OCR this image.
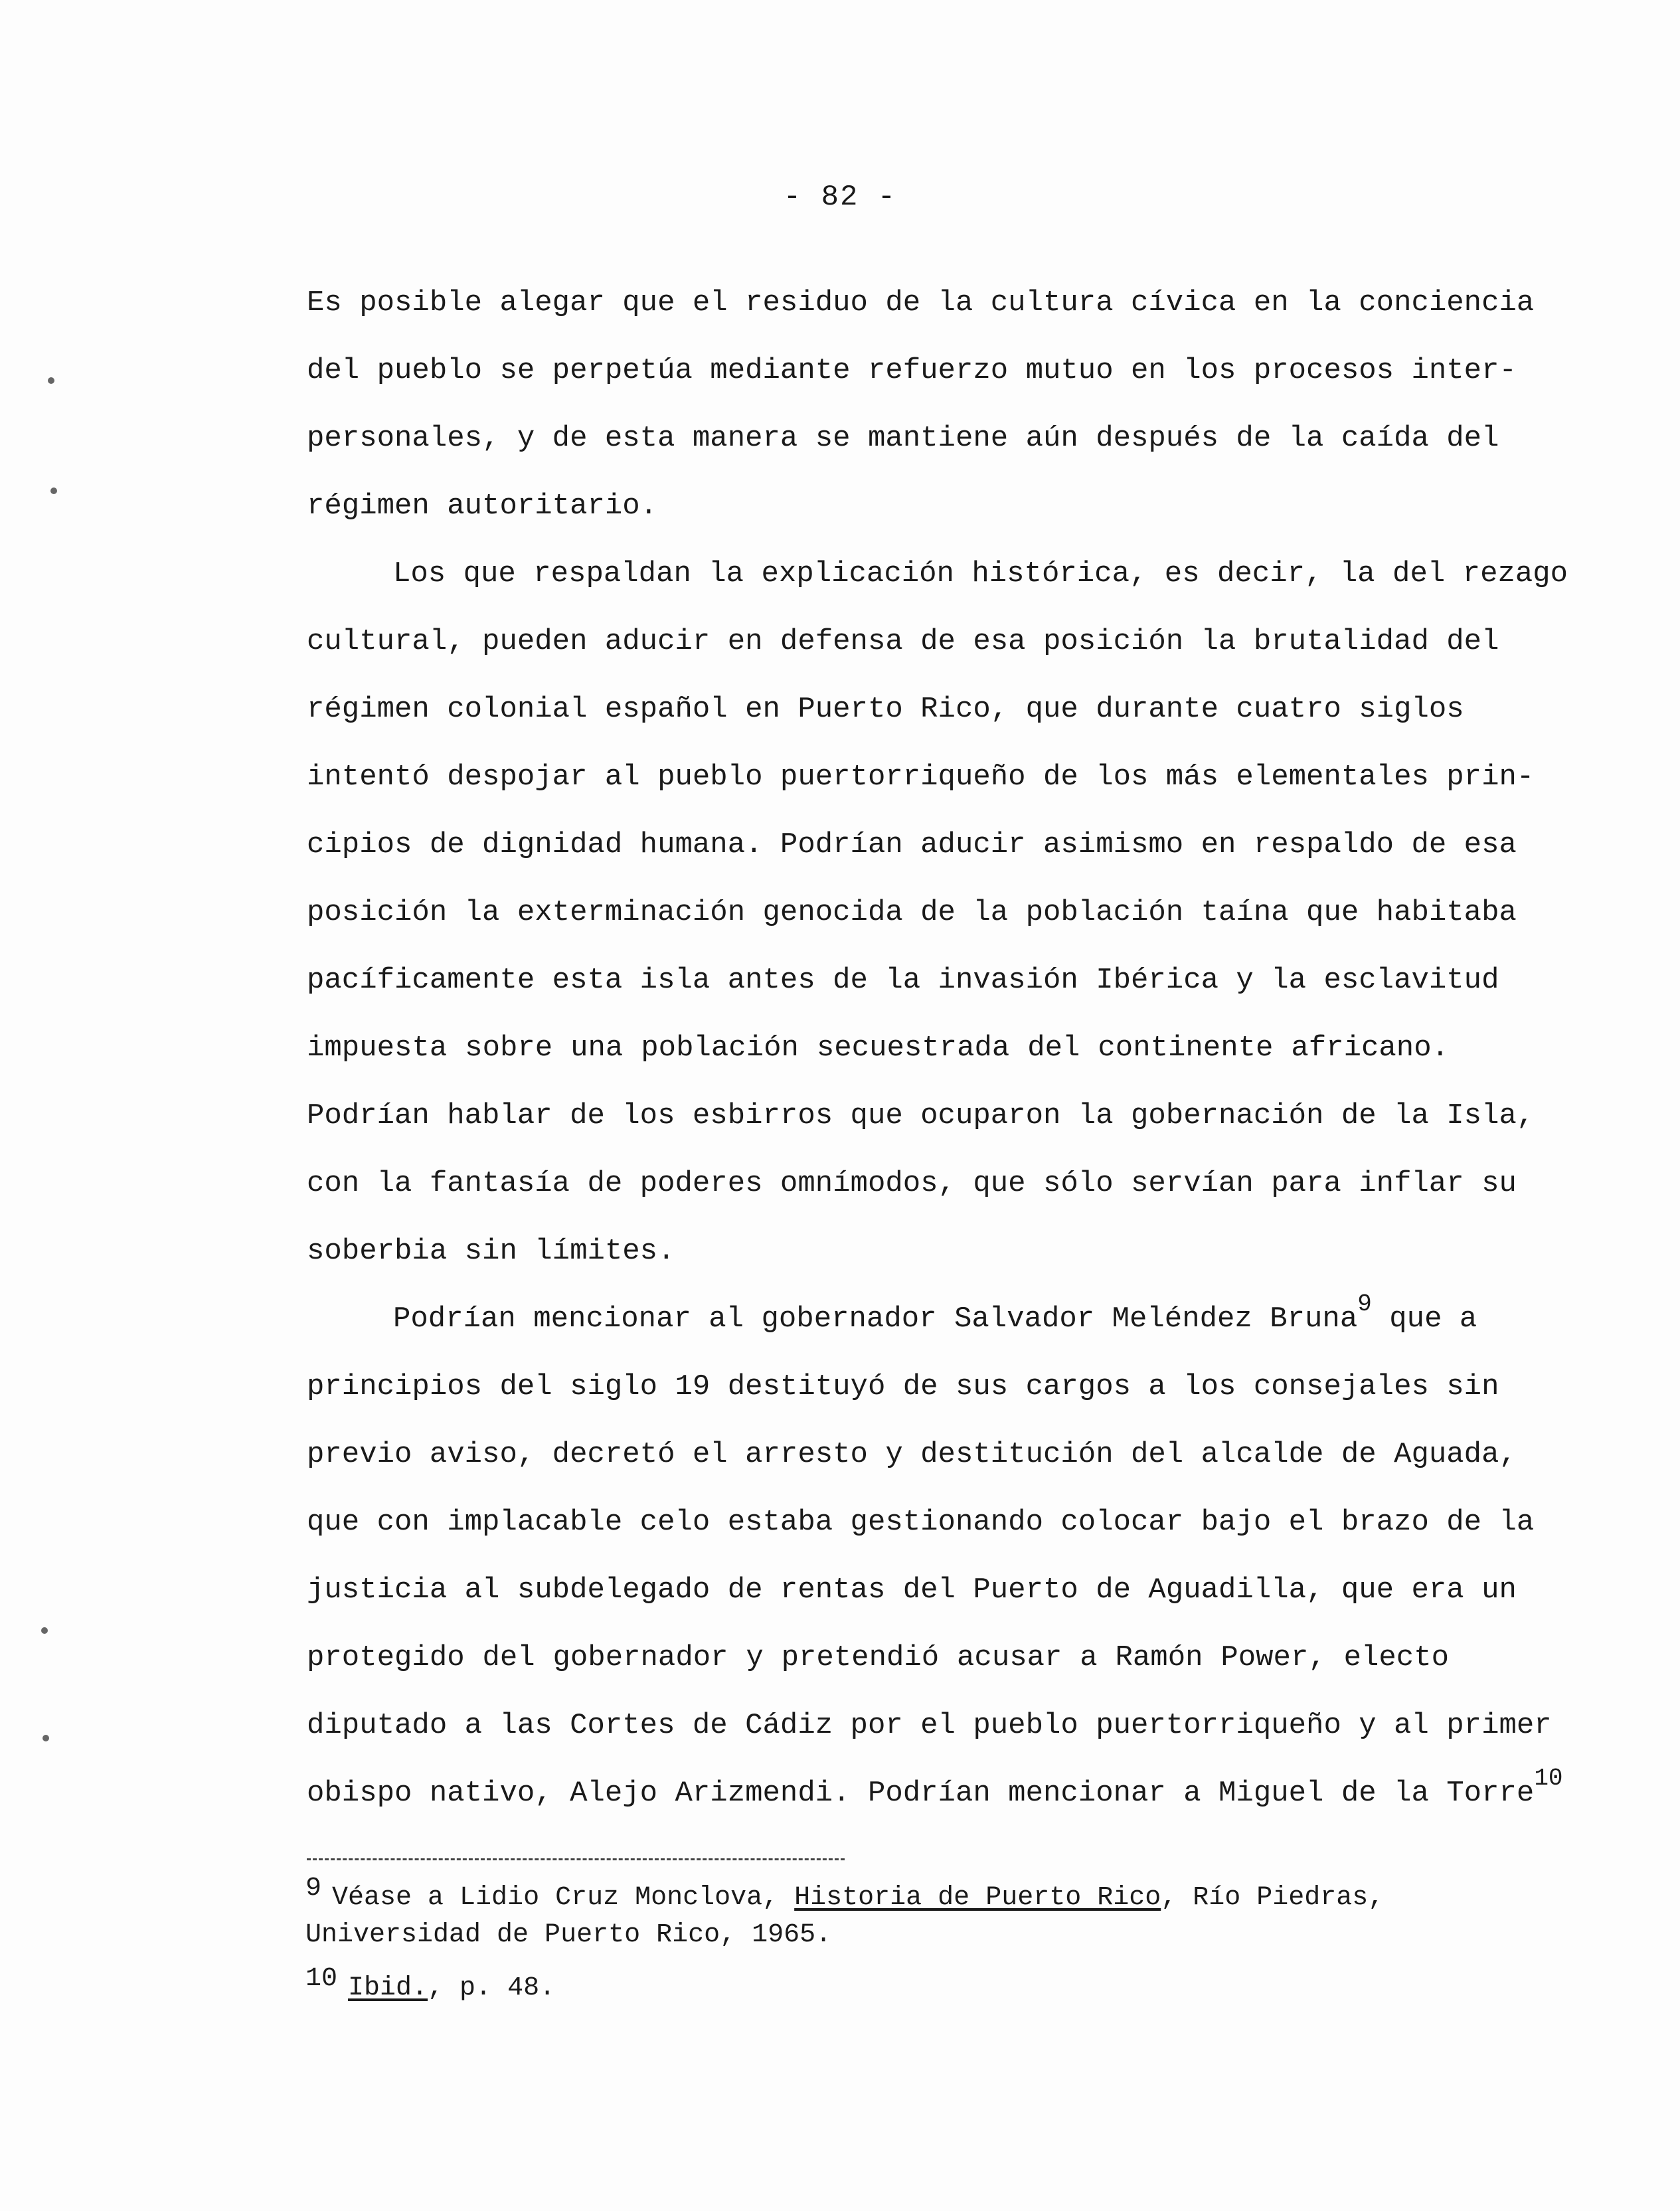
- 82 -
Es posible alegar que el residuo de la cultura cívica en la conciencia
del pueblo se perpetúa mediante refuerzo mutuo en los procesos inter-
personales, y de esta manera se mantiene aún después de la caída del
régimen autoritario.
Los que respaldan la explicación histórica, es decir, la del rezago
cultural, pueden aducir en defensa de esa posición la brutalidad del
régimen colonial español en Puerto Rico, que durante cuatro siglos
intentó despojar al pueblo puertorriqueño de los más elementales prin-
cipios de dignidad humana. Podrían aducir asimismo en respaldo de esa
posición la exterminación genocida de la población taína que habitaba
pacíficamente esta isla antes de la invasión Ibérica y la esclavitud
impuesta sobre una población secuestrada del continente africano.
Podrían hablar de los esbirros que ocuparon la gobernación de la Isla,
con la fantasía de poderes omnímodos, que sólo servían para inflar su
soberbia sin límites.
Podrían mencionar al gobernador Salvador Meléndez Bruna$^9$ que a
principios del siglo 19 destituyó de sus cargos a los consejales sin
previo aviso, decretó el arresto y destitución del alcalde de Aguada,
que con implacable celo estaba gestionando colocar bajo el brazo de la
justicia al subdelegado de rentas del Puerto de Aguadilla, que era un
protegido del gobernador y pretendió acusar a Ramón Power, electo
diputado a las Cortes de Cádiz por el pueblo puertorriqueño y al primer
obispo nativo, Alejo Arizmendi. Podrían mencionar a Miguel de la Torre$^{10}$
9 Véase a Lidio Cruz Monclova, Historia de Puerto Rico, Río Piedras,
Universidad de Puerto Rico, 1965.
10 Ibid., p. 48.
